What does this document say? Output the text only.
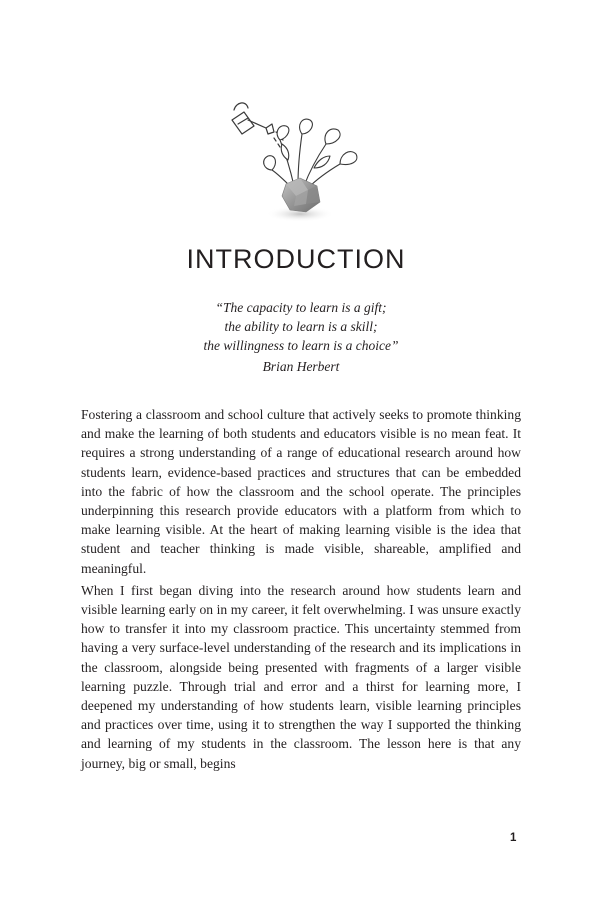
INTRODUCTION
“The capacity to learn is a gift;
the ability to learn is a skill;
the willingness to learn is a choice”
Brian Herbert

Fostering a classroom and school culture that actively seeks to promote thinking and make the learning of both students and educators visible is no mean feat. It requires a strong understanding of a range of educational research around how students learn, evidence-based practices and structures that can be embedded into the fabric of how the classroom and the school operate. The principles underpinning this research provide educators with a platform from which to make learning visible. At the heart of making learning visible is the idea that student and teacher thinking is made visible, shareable, amplified and meaningful.

When I first began diving into the research around how students learn and visible learning early on in my career, it felt overwhelming. I was unsure exactly how to transfer it into my classroom practice. This uncertainty stemmed from having a very surface-level understanding of the research and its implications in the classroom, alongside being presented with fragments of a larger visible learning puzzle. Through trial and error and a thirst for learning more, I deepened my understanding of how students learn, visible learning principles and practices over time, using it to strengthen the way I supported the thinking and learning of my students in the classroom. The lesson here is that any journey, big or small, begins

1
